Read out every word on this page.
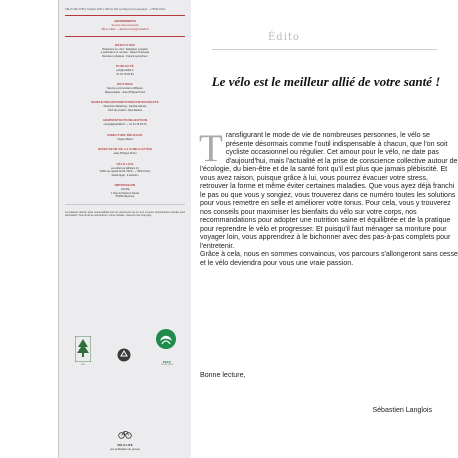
VÉLO LIFE N°66 | Octobre 2024 | 100 bis 102 rue Raymond Losserand — 75014 Paris
ABONNEMENTS
Service abonnements
VÉLO LIFE — abonnement@velolife.fr
RÉDACTION
Rédacteur en chef : Sébastien Langlois
a participé à ce numéro : David Chauveau
Directeur artistique : Franck Lecorcheur
PUBLICITÉ
pub@velolife.fr
01 44 78 93 50
ÉDITIONS
Service commercial et diffusion
Responsable : Jean-Philippe Pironi
MARKETING/PROMOTION/PARTENARIATS
Directrice Marketing : Sandra Gianan
Chef de produit : Alice Bottine
ADMINISTRATION/GESTION
compta@velolife.fr — 01 44 78 93 64
DIRECTION DÉLÉGUÉ
Virginie Blanc
DIRECTEUR DE LA PUBLICATION
Jean-Philippe Pironi
VÉLO LIFE
est édité par Editions 21
SARL au capital de 64 790 € — 75014 Paris
Dépôt légal : à parution
IMPRESSION
JOUVE
1 Rue du Docteur Sauvé
53100 Mayenne
La rédaction décline toute responsabilité pour les documents qui lui sont envoyés. Reproduction interdite sans autorisation. Tous droits de reproduction, même partielle, réservés pour tous pays.
FSC
PEFC
10-31-1234
VÉLO LIFE
une publication du groupe
Édito
Le vélo est le meilleur allié de votre santé !
T ransfigurant le mode de vie de nombreuses personnes, le vélo se présente désormais comme l'outil indispensable à chacun, que l'on soit cycliste occasionnel ou régulier. Cet amour pour le vélo, ne date pas d'aujourd'hui, mais l'actualité et la prise de conscience collective autour de l'écologie, du bien-être et de la santé font qu'il est plus que jamais plébiscité. Et vous avez raison, puisque grâce à lui, vous pourrez évacuer votre stress, retrouver la forme et même éviter certaines maladies. Que vous ayez déjà franchi le pas ou que vous y songiez, vous trouverez dans ce numéro toutes les solutions pour vous remettre en selle et améliorer votre tonus. Pour cela, vous y trouverez nos conseils pour maximiser les bienfaits du vélo sur votre corps, nos recommandations pour adopter une nutrition saine et équilibrée et de la pratique pour reprendre le vélo et progresser. Et puisqu'il faut ménager sa monture pour voyager loin, vous apprendrez à le bichonner avec des pas-à-pas complets pour l'entretenir.

Grâce à cela, nous en sommes convaincus, vos parcours s'allongeront sans cesse et le vélo deviendra pour vous une vraie passion.

Bonne lecture,
Sébastien Langlois
